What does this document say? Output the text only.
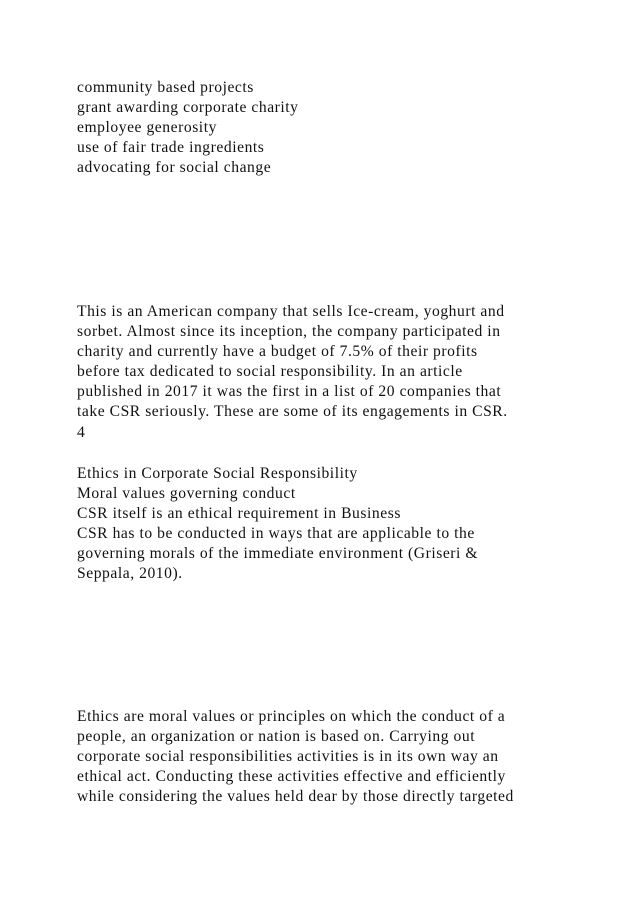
community based projects
grant awarding corporate charity
employee generosity
use of fair trade ingredients
advocating for social change
This is an American company that sells Ice-cream, yoghurt and
sorbet. Almost since its inception, the company participated in
charity and currently have a budget of 7.5% of their profits
before tax dedicated to social responsibility. In an article
published in 2017 it was the first in a list of 20 companies that
take CSR seriously. These are some of its engagements in CSR.
4
Ethics in Corporate Social Responsibility
Moral values governing conduct
CSR itself is an ethical requirement in Business
CSR has to be conducted in ways that are applicable to the
governing morals of the immediate environment (Griseri &
Seppala, 2010).
Ethics are moral values or principles on which the conduct of a
people, an organization or nation is based on. Carrying out
corporate social responsibilities activities is in its own way an
ethical act. Conducting these activities effective and efficiently
while considering the values held dear by those directly targeted
